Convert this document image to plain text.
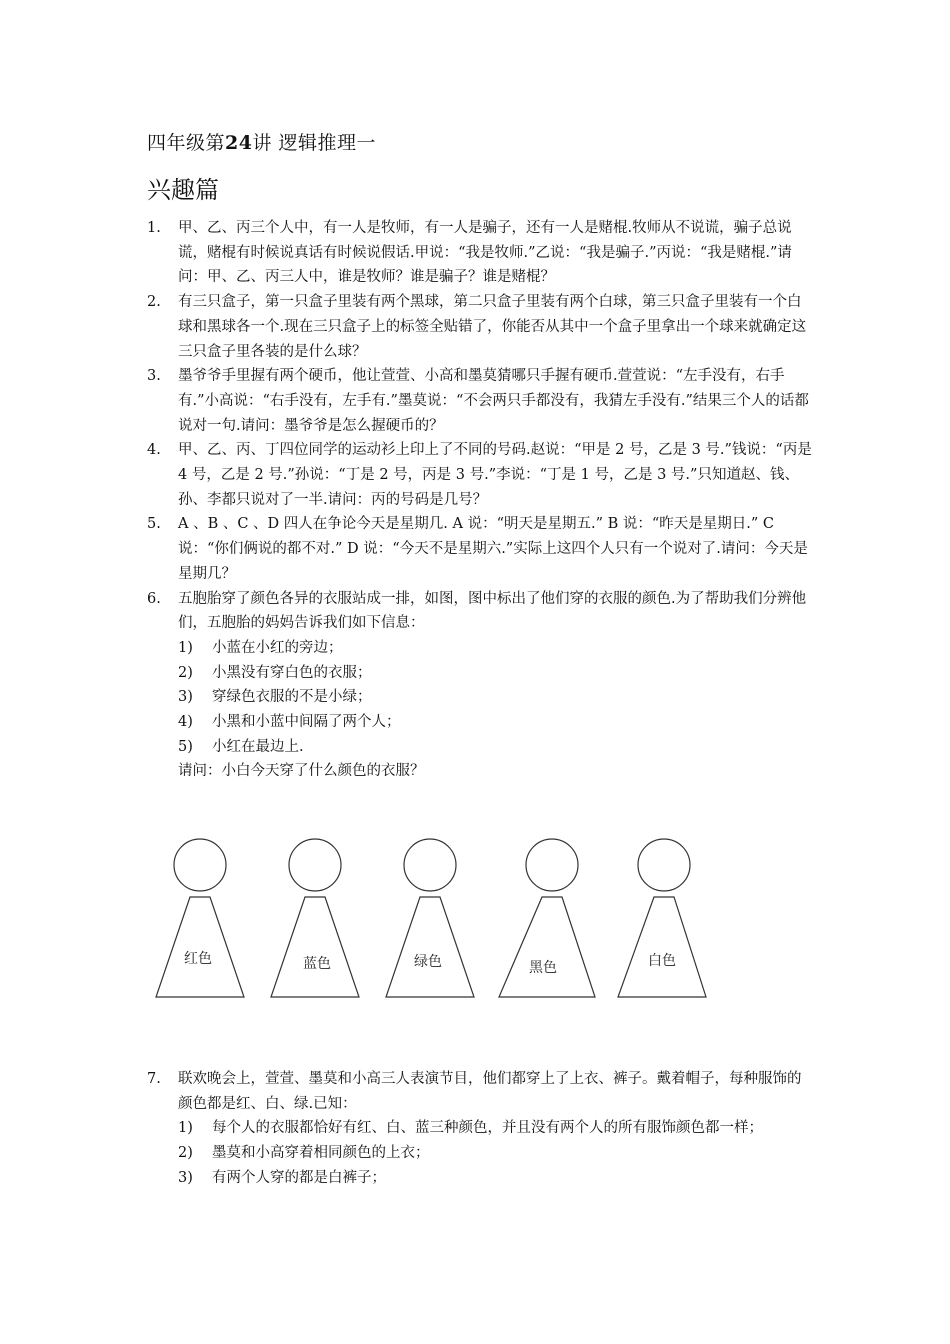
四年级第24讲 逻辑推理一
兴趣篇
1. 甲、乙、丙三个人中，有一人是牧师，有一人是骗子，还有一人是赌棍.牧师从不说谎，骗子总说谎，赌棍有时候说真话有时候说假话.甲说：“我是牧师.”乙说：“我是骗子.”丙说：“我是赌棍.”请问：甲、乙、丙三人中，谁是牧师？谁是骗子？谁是赌棍？
2. 有三只盒子，第一只盒子里装有两个黑球，第二只盒子里装有两个白球，第三只盒子里装有一个白球和黑球各一个.现在三只盒子上的标签全贴错了，你能否从其中一个盒子里拿出一个球来就确定这三只盒子里各装的是什么球？
3. 墨爷爷手里握有两个硬币，他让萱萱、小高和墨莫猜哪只手握有硬币.萱萱说：“左手没有，右手有.”小高说：“右手没有，左手有.”墨莫说：“不会两只手都没有，我猜左手没有.”结果三个人的话都说对一句.请问：墨爷爷是怎么握硬币的？
4. 甲、乙、丙、丁四位同学的运动衫上印上了不同的号码.赵说：“甲是 2 号，乙是 3 号.”钱说：“丙是 4 号，乙是 2 号.”孙说：“丁是 2 号，丙是 3 号.”李说：“丁是 1 号，乙是 3 号.”只知道赵、钱、孙、李都只说对了一半.请问：丙的号码是几号？
5. A 、B 、C 、D 四人在争论今天是星期几. A 说：“明天是星期五.” B 说：“昨天是星期日.” C 说：“你们俩说的都不对.” D 说：“今天不是星期六.”实际上这四个人只有一个说对了.请问：今天是星期几？
6. 五胞胎穿了颜色各异的衣服站成一排，如图，图中标出了他们穿的衣服的颜色.为了帮助我们分辨他们，五胞胎的妈妈告诉我们如下信息：
1) 小蓝在小红的旁边；
2) 小黑没有穿白色的衣服；
3) 穿绿色衣服的不是小绿；
4) 小黑和小蓝中间隔了两个人；
5) 小红在最边上.
请问：小白今天穿了什么颜色的衣服？
红色	蓝色	绿色	黑色	白色
7. 联欢晚会上，萱萱、墨莫和小高三人表演节目，他们都穿上了上衣、裤子。戴着帽子，每种服饰的颜色都是红、白、绿.已知：
1) 每个人的衣服都恰好有红、白、蓝三种颜色，并且没有两个人的所有服饰颜色都一样；
2) 墨莫和小高穿着相同颜色的上衣；
3) 有两个人穿的都是白裤子；
